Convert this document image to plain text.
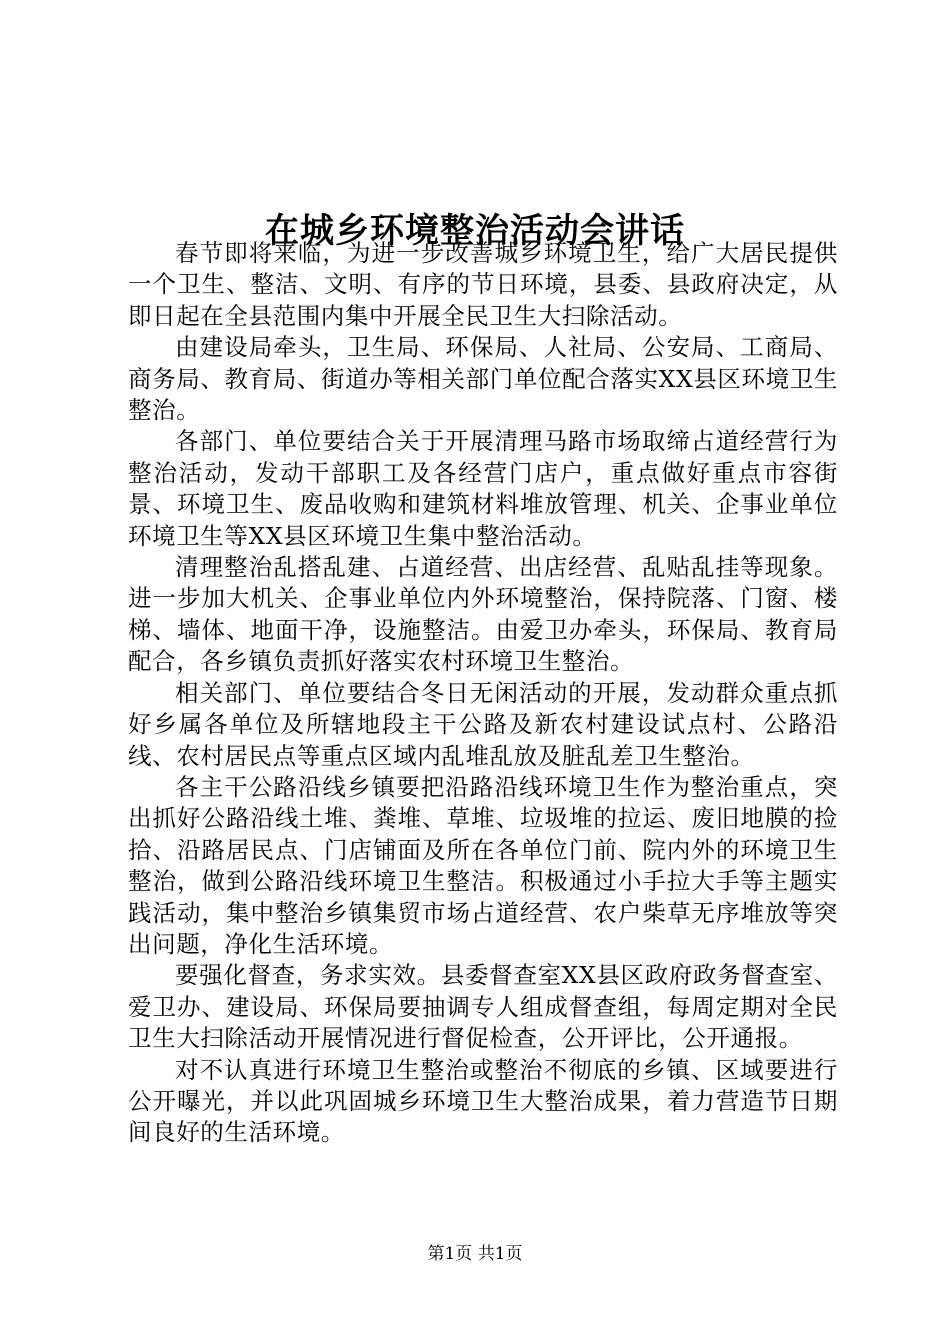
在城乡环境整治活动会讲话

春节即将来临，为进一步改善城乡环境卫生，给广大居民提供一个卫生、整洁、文明、有序的节日环境，县委、县政府决定，从即日起在全县范围内集中开展全民卫生大扫除活动。

由建设局牵头，卫生局、环保局、人社局、公安局、工商局、商务局、教育局、街道办等相关部门单位配合落实XX县区环境卫生整治。

各部门、单位要结合关于开展清理马路市场取缔占道经营行为整治活动，发动干部职工及各经营门店户，重点做好重点市容街景、环境卫生、废品收购和建筑材料堆放管理、机关、企事业单位环境卫生等XX县区环境卫生集中整治活动。

清理整治乱搭乱建、占道经营、出店经营、乱贴乱挂等现象。进一步加大机关、企事业单位内外环境整治，保持院落、门窗、楼梯、墙体、地面干净，设施整洁。由爱卫办牵头，环保局、教育局配合，各乡镇负责抓好落实农村环境卫生整治。

相关部门、单位要结合冬日无闲活动的开展，发动群众重点抓好乡属各单位及所辖地段主干公路及新农村建设试点村、公路沿线、农村居民点等重点区域内乱堆乱放及脏乱差卫生整治。

各主干公路沿线乡镇要把沿路沿线环境卫生作为整治重点，突出抓好公路沿线土堆、粪堆、草堆、垃圾堆的拉运、废旧地膜的捡拾、沿路居民点、门店铺面及所在各单位门前、院内外的环境卫生整治，做到公路沿线环境卫生整洁。积极通过小手拉大手等主题实践活动，集中整治乡镇集贸市场占道经营、农户柴草无序堆放等突出问题，净化生活环境。

要强化督查，务求实效。县委督查室XX县区政府政务督查室、爱卫办、建设局、环保局要抽调专人组成督查组，每周定期对全民卫生大扫除活动开展情况进行督促检查，公开评比，公开通报。

对不认真进行环境卫生整治或整治不彻底的乡镇、区域要进行公开曝光，并以此巩固城乡环境卫生大整治成果，着力营造节日期间良好的生活环境。

第1页 共1页
